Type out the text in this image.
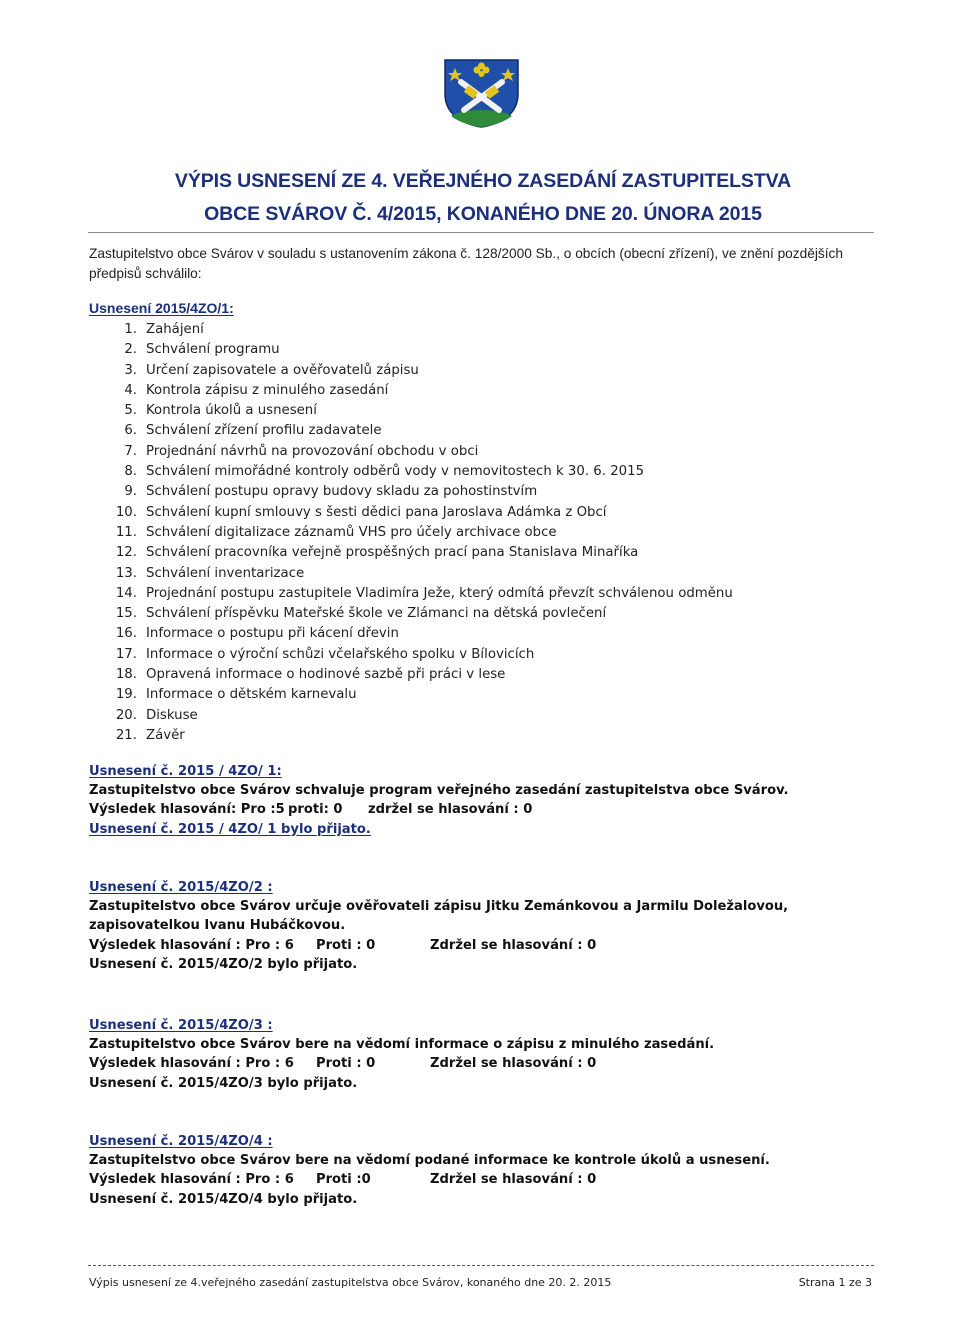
VÝPIS USNESENÍ ZE 4. VEŘEJNÉHO ZASEDÁNÍ ZASTUPITELSTVA
OBCE SVÁROV Č. 4/2015, KONANÉHO DNE 20. ÚNORA 2015
Zastupitelstvo obce Svárov v souladu s ustanovením zákona č. 128/2000 Sb., o obcích (obecní zřízení), ve znění pozdějších předpisů schválilo:
Usnesení 2015/4ZO/1:
1. Zahájení
2. Schválení programu
3. Určení zapisovatele a ověřovatelů zápisu
4. Kontrola zápisu z minulého zasedání
5. Kontrola úkolů a usnesení
6. Schválení zřízení profilu zadavatele
7. Projednání návrhů na provozování obchodu v obci
8. Schválení mimořádné kontroly odběrů vody v nemovitostech k 30. 6. 2015
9. Schválení postupu opravy budovy skladu za pohostinstvím
10. Schválení kupní smlouvy s šesti dědici pana Jaroslava Adámka z Obcí
11. Schválení digitalizace záznamů VHS pro účely archivace obce
12. Schválení pracovníka veřejně prospěšných prací pana Stanislava Minaříka
13. Schválení inventarizace
14. Projednání postupu zastupitele Vladimíra Ježe, který odmítá převzít schválenou odměnu
15. Schválení příspěvku Mateřské škole ve Zlámanci na dětská povlečení
16. Informace o postupu při kácení dřevin
17. Informace o výroční schůzi včelařského spolku v Bílovicích
18. Opravená informace o hodinové sazbě při práci v lese
19. Informace o dětském karnevalu
20. Diskuse
21. Závěr
Usnesení č. 2015 / 4ZO/ 1:
Zastupitelstvo obce Svárov schvaluje program veřejného zasedání zastupitelstva obce Svárov.
Výsledek hlasování: Pro :5 proti: 0 zdržel se hlasování : 0
Usnesení č. 2015 / 4ZO/ 1 bylo přijato.
Usnesení č. 2015/4ZO/2 :
Zastupitelstvo obce Svárov určuje ověřovateli zápisu Jitku Zemánkovou a Jarmilu Doležalovou, zapisovatelkou Ivanu Hubáčkovou.
Výsledek hlasování : Pro : 6 Proti : 0	Zdržel se hlasování : 0
Usnesení č. 2015/4ZO/2 bylo přijato.
Usnesení č. 2015/4ZO/3 :
Zastupitelstvo obce Svárov bere na vědomí informace o zápisu z minulého zasedání.
Výsledek hlasování : Pro : 6 Proti : 0	Zdržel se hlasování : 0
Usnesení č. 2015/4ZO/3 bylo přijato.
Usnesení č. 2015/4ZO/4 :
Zastupitelstvo obce Svárov bere na vědomí podané informace ke kontrole úkolů a usnesení.
Výsledek hlasování : Pro : 6 Proti :0	Zdržel se hlasování : 0
Usnesení č. 2015/4ZO/4 bylo přijato.
Výpis usnesení ze 4.veřejného zasedání zastupitelstva obce Svárov, konaného dne 20. 2. 2015	Strana 1 ze 3
